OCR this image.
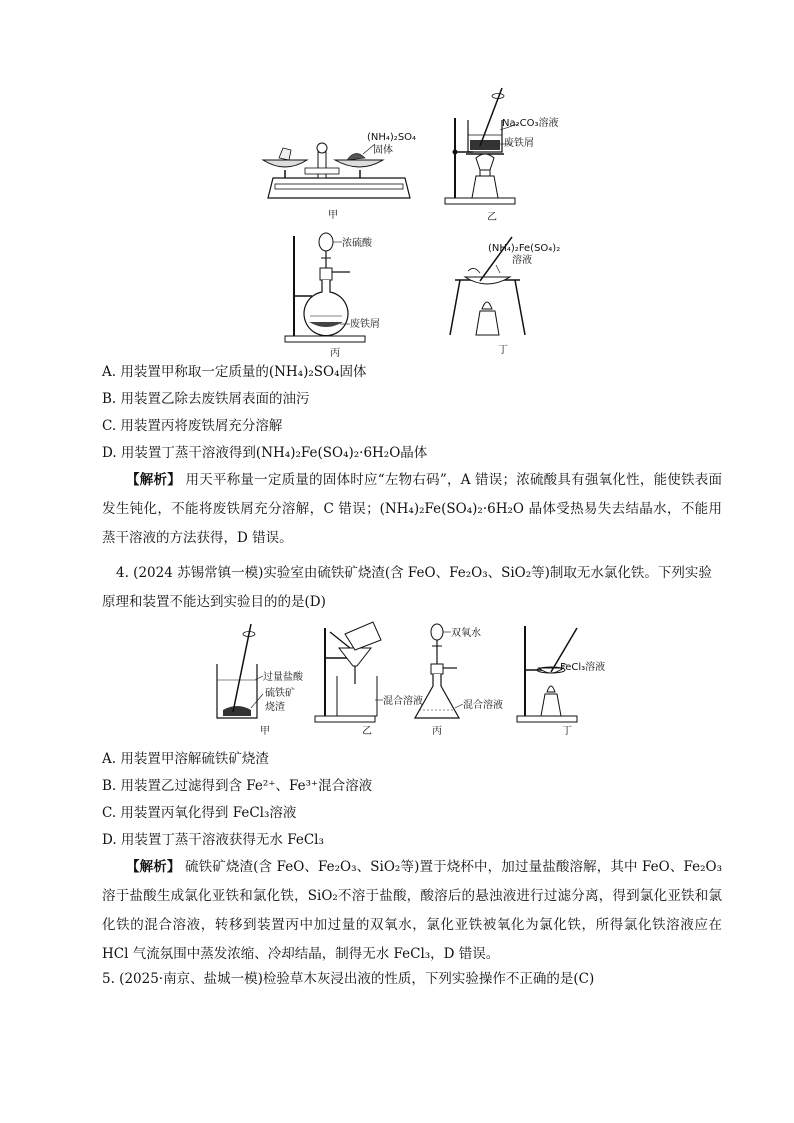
(NH₄)₂SO₄
固体
甲
Na₂CO₃溶液
废铁屑
乙
浓硫酸
废铁屑
丙
(NH₄)₂Fe(SO₄)₂
溶液
丁
A. 用装置甲称取一定质量的(NH₄)₂SO₄固体
B. 用装置乙除去废铁屑表面的油污
C. 用装置丙将废铁屑充分溶解
D. 用装置丁蒸干溶液得到(NH₄)₂Fe(SO₄)₂·6H₂O晶体
【解析】 用天平称量一定质量的固体时应“左物右码”，A 错误；浓硫酸具有强氧化性，能使铁表面发生钝化，不能将废铁屑充分溶解，C 错误；(NH₄)₂Fe(SO₄)₂·6H₂O 晶体受热易失去结晶水，不能用蒸干溶液的方法获得，D 错误。
4. (2024 苏锡常镇一模)实验室由硫铁矿烧渣(含 FeO、Fe₂O₃、SiO₂等)制取无水氯化铁。下列实验原理和装置不能达到实验目的的是(D)
过量盐酸
硫铁矿
烧渣
甲
混合溶液
乙
双氧水
混合溶液
丙
FeCl₃溶液
丁
A. 用装置甲溶解硫铁矿烧渣
B. 用装置乙过滤得到含 Fe²⁺、Fe³⁺混合溶液
C. 用装置丙氧化得到 FeCl₃溶液
D. 用装置丁蒸干溶液获得无水 FeCl₃
【解析】 硫铁矿烧渣(含 FeO、Fe₂O₃、SiO₂等)置于烧杯中，加过量盐酸溶解，其中 FeO、Fe₂O₃溶于盐酸生成氯化亚铁和氯化铁，SiO₂不溶于盐酸，酸溶后的悬浊液进行过滤分离，得到氯化亚铁和氯化铁的混合溶液，转移到装置丙中加过量的双氧水，氯化亚铁被氧化为氯化铁，所得氯化铁溶液应在 HCl 气流氛围中蒸发浓缩、冷却结晶，制得无水 FeCl₃，D 错误。
5. (2025·南京、盐城一模)检验草木灰浸出液的性质，下列实验操作不正确的是(C)
